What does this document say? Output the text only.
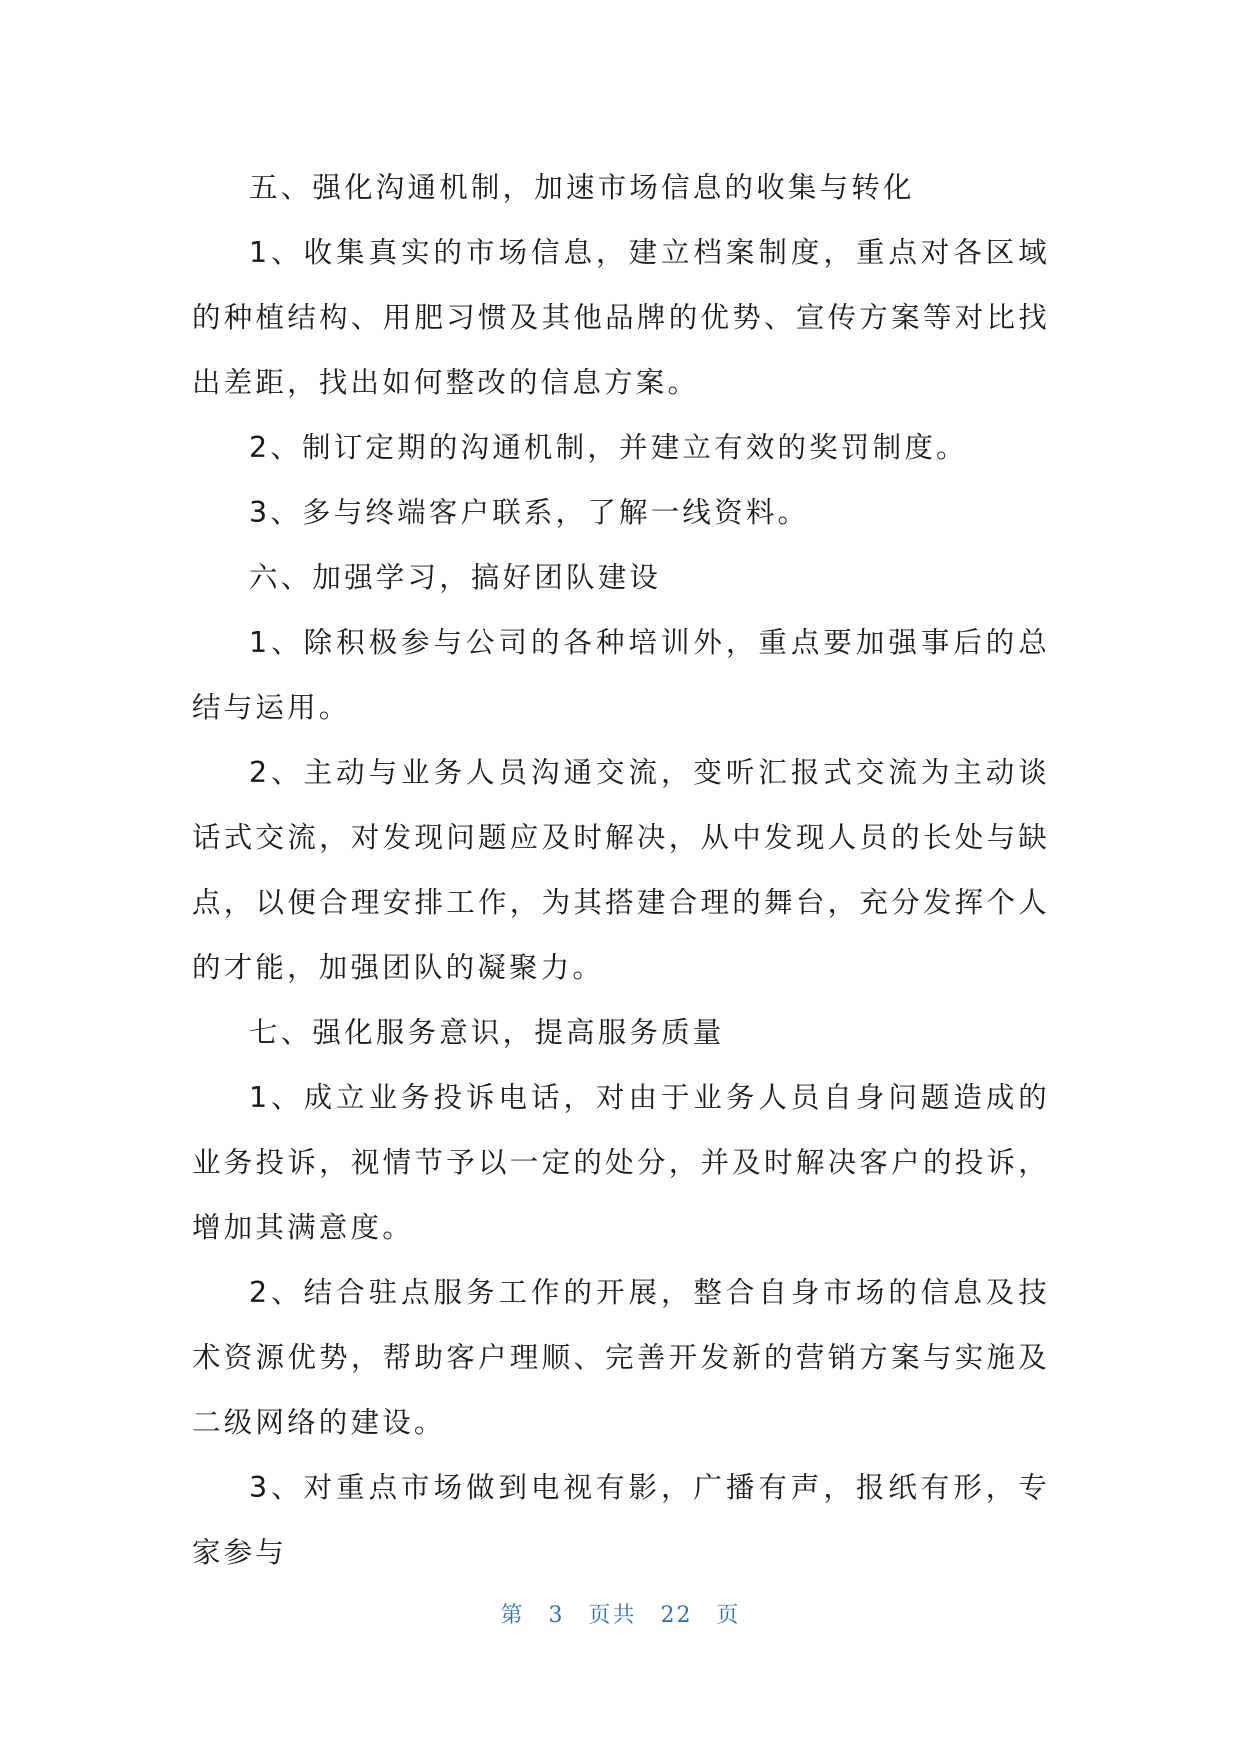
五、强化沟通机制，加速市场信息的收集与转化

1、收集真实的市场信息，建立档案制度，重点对各区域的种植结构、用肥习惯及其他品牌的优势、宣传方案等对比找出差距，找出如何整改的信息方案。

2、制订定期的沟通机制，并建立有效的奖罚制度。

3、多与终端客户联系，了解一线资料。

六、加强学习，搞好团队建设

1、除积极参与公司的各种培训外，重点要加强事后的总结与运用。

2、主动与业务人员沟通交流，变听汇报式交流为主动谈话式交流，对发现问题应及时解决，从中发现人员的长处与缺点，以便合理安排工作，为其搭建合理的舞台，充分发挥个人的才能，加强团队的凝聚力。

七、强化服务意识，提高服务质量

1、成立业务投诉电话，对由于业务人员自身问题造成的业务投诉，视情节予以一定的处分，并及时解决客户的投诉，增加其满意度。

2、结合驻点服务工作的开展，整合自身市场的信息及技术资源优势，帮助客户理顺、完善开发新的营销方案与实施及二级网络的建设。

3、对重点市场做到电视有影，广播有声，报纸有形，专家参与

第 3 页共 22 页
